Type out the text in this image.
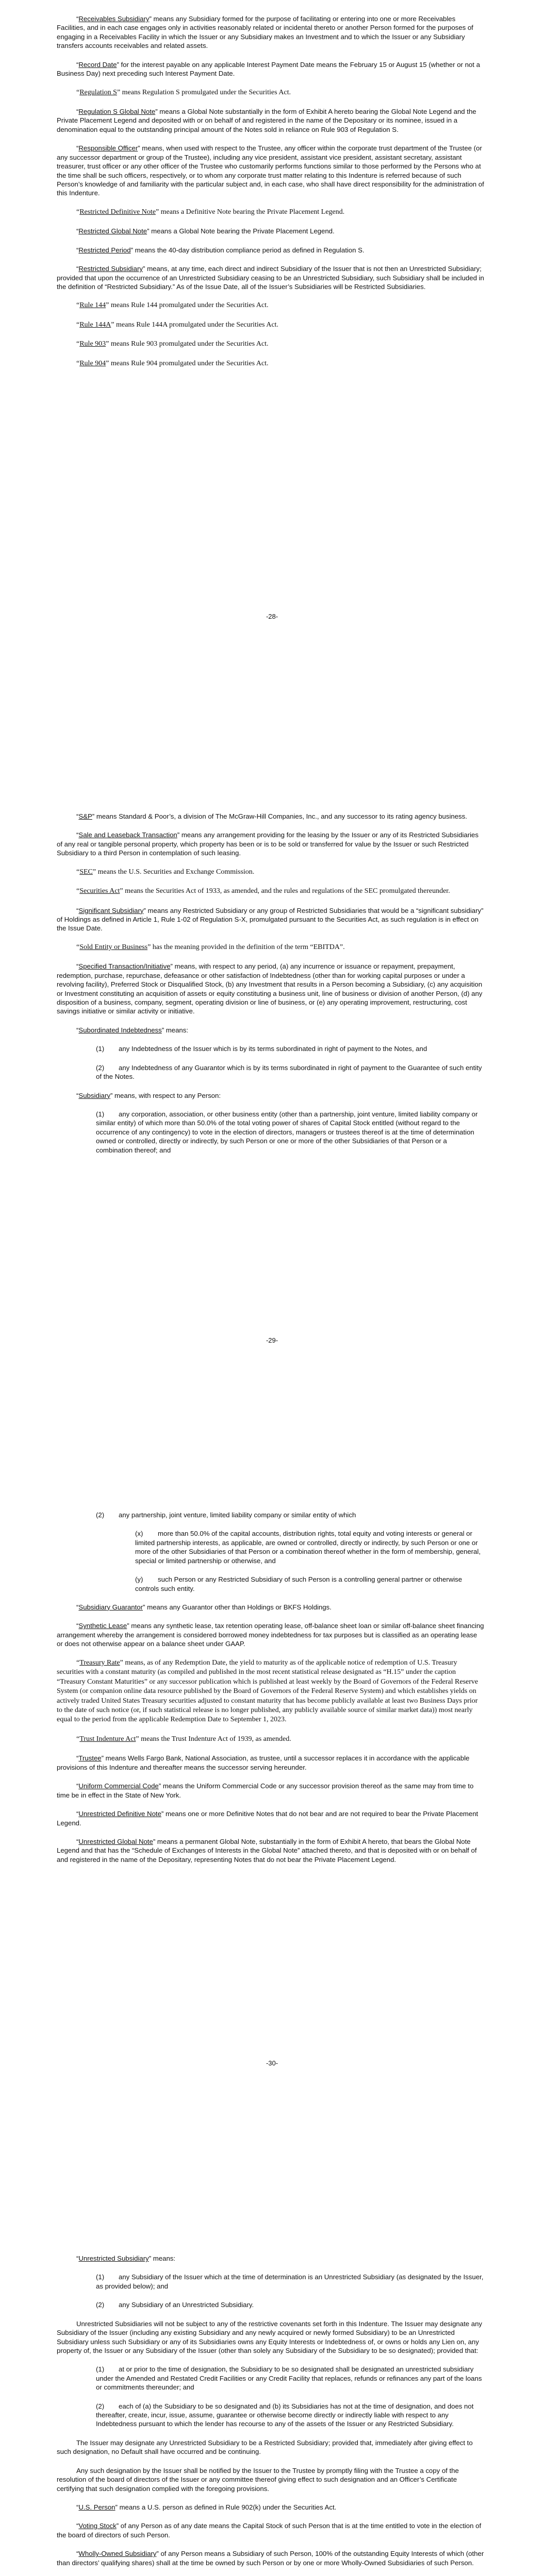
“Receivables Subsidiary” means any Subsidiary formed for the purpose of facilitating or entering into one or more Receivables Facilities, and in each case engages only in activities reasonably related or incidental thereto or another Person formed for the purposes of engaging in a Receivables Facility in which the Issuer or any Subsidiary makes an Investment and to which the Issuer or any Subsidiary transfers accounts receivables and related assets.

“Record Date” for the interest payable on any applicable Interest Payment Date means the February 15 or August 15 (whether or not a Business Day) next preceding such Interest Payment Date.

“Regulation S” means Regulation S promulgated under the Securities Act.

“Regulation S Global Note” means a Global Note substantially in the form of Exhibit A hereto bearing the Global Note Legend and the Private Placement Legend and deposited with or on behalf of and registered in the name of the Depositary or its nominee, issued in a denomination equal to the outstanding principal amount of the Notes sold in reliance on Rule 903 of Regulation S.

“Responsible Officer” means, when used with respect to the Trustee, any officer within the corporate trust department of the Trustee (or any successor department or group of the Trustee), including any vice president, assistant vice president, assistant secretary, assistant treasurer, trust officer or any other officer of the Trustee who customarily performs functions similar to those performed by the Persons who at the time shall be such officers, respectively, or to whom any corporate trust matter relating to this Indenture is referred because of such Person’s knowledge of and familiarity with the particular subject and, in each case, who shall have direct responsibility for the administration of this Indenture.

“Restricted Definitive Note” means a Definitive Note bearing the Private Placement Legend.

“Restricted Global Note” means a Global Note bearing the Private Placement Legend.

“Restricted Period” means the 40-day distribution compliance period as defined in Regulation S.

“Restricted Subsidiary” means, at any time, each direct and indirect Subsidiary of the Issuer that is not then an Unrestricted Subsidiary; provided that upon the occurrence of an Unrestricted Subsidiary ceasing to be an Unrestricted Subsidiary, such Subsidiary shall be included in the definition of “Restricted Subsidiary.” As of the Issue Date, all of the Issuer’s Subsidiaries will be Restricted Subsidiaries.

“Rule 144” means Rule 144 promulgated under the Securities Act.

“Rule 144A” means Rule 144A promulgated under the Securities Act.

“Rule 903” means Rule 903 promulgated under the Securities Act.

“Rule 904” means Rule 904 promulgated under the Securities Act.

-28-

“S&P” means Standard & Poor’s, a division of The McGraw-Hill Companies, Inc., and any successor to its rating agency business.

“Sale and Leaseback Transaction” means any arrangement providing for the leasing by the Issuer or any of its Restricted Subsidiaries of any real or tangible personal property, which property has been or is to be sold or transferred for value by the Issuer or such Restricted Subsidiary to a third Person in contemplation of such leasing.

“SEC” means the U.S. Securities and Exchange Commission.

“Securities Act” means the Securities Act of 1933, as amended, and the rules and regulations of the SEC promulgated thereunder.

“Significant Subsidiary” means any Restricted Subsidiary or any group of Restricted Subsidiaries that would be a “significant subsidiary” of Holdings as defined in Article 1, Rule 1-02 of Regulation S-X, promulgated pursuant to the Securities Act, as such regulation is in effect on the Issue Date.

“Sold Entity or Business” has the meaning provided in the definition of the term “EBITDA”.

“Specified Transaction/Initiative” means, with respect to any period, (a) any incurrence or issuance or repayment, prepayment, redemption, purchase, repurchase, defeasance or other satisfaction of Indebtedness (other than for working capital purposes or under a revolving facility), Preferred Stock or Disqualified Stock, (b) any Investment that results in a Person becoming a Subsidiary, (c) any acquisition or Investment constituting an acquisition of assets or equity constituting a business unit, line of business or division of another Person, (d) any disposition of a business, company, segment, operating division or line of business, or (e) any operating improvement, restructuring, cost savings initiative or similar activity or initiative.

“Subordinated Indebtedness” means:

(1) any Indebtedness of the Issuer which is by its terms subordinated in right of payment to the Notes, and

(2) any Indebtedness of any Guarantor which is by its terms subordinated in right of payment to the Guarantee of such entity of the Notes.

“Subsidiary” means, with respect to any Person:

(1) any corporation, association, or other business entity (other than a partnership, joint venture, limited liability company or similar entity) of which more than 50.0% of the total voting power of shares of Capital Stock entitled (without regard to the occurrence of any contingency) to vote in the election of directors, managers or trustees thereof is at the time of determination owned or controlled, directly or indirectly, by such Person or one or more of the other Subsidiaries of that Person or a combination thereof; and

-29-

(2) any partnership, joint venture, limited liability company or similar entity of which

(x) more than 50.0% of the capital accounts, distribution rights, total equity and voting interests or general or limited partnership interests, as applicable, are owned or controlled, directly or indirectly, by such Person or one or more of the other Subsidiaries of that Person or a combination thereof whether in the form of membership, general, special or limited partnership or otherwise, and

(y) such Person or any Restricted Subsidiary of such Person is a controlling general partner or otherwise controls such entity.

“Subsidiary Guarantor” means any Guarantor other than Holdings or BKFS Holdings.

“Synthetic Lease” means any synthetic lease, tax retention operating lease, off-balance sheet loan or similar off-balance sheet financing arrangement whereby the arrangement is considered borrowed money indebtedness for tax purposes but is classified as an operating lease or does not otherwise appear on a balance sheet under GAAP.

“Treasury Rate” means, as of any Redemption Date, the yield to maturity as of the applicable notice of redemption of U.S. Treasury securities with a constant maturity (as compiled and published in the most recent statistical release designated as “H.15” under the caption “Treasury Constant Maturities” or any successor publication which is published at least weekly by the Board of Governors of the Federal Reserve System (or companion online data resource published by the Board of Governors of the Federal Reserve System) and which establishes yields on actively traded United States Treasury securities adjusted to constant maturity that has become publicly available at least two Business Days prior to the date of such notice (or, if such statistical release is no longer published, any publicly available source of similar market data)) most nearly equal to the period from the applicable Redemption Date to September 1, 2023.

“Trust Indenture Act” means the Trust Indenture Act of 1939, as amended.

“Trustee” means Wells Fargo Bank, National Association, as trustee, until a successor replaces it in accordance with the applicable provisions of this Indenture and thereafter means the successor serving hereunder.

“Uniform Commercial Code” means the Uniform Commercial Code or any successor provision thereof as the same may from time to time be in effect in the State of New York.

“Unrestricted Definitive Note” means one or more Definitive Notes that do not bear and are not required to bear the Private Placement Legend.

“Unrestricted Global Note” means a permanent Global Note, substantially in the form of Exhibit A hereto, that bears the Global Note Legend and that has the “Schedule of Exchanges of Interests in the Global Note” attached thereto, and that is deposited with or on behalf of and registered in the name of the Depositary, representing Notes that do not bear the Private Placement Legend.

-30-

“Unrestricted Subsidiary” means:

(1) any Subsidiary of the Issuer which at the time of determination is an Unrestricted Subsidiary (as designated by the Issuer, as provided below); and

(2) any Subsidiary of an Unrestricted Subsidiary.

Unrestricted Subsidiaries will not be subject to any of the restrictive covenants set forth in this Indenture. The Issuer may designate any Subsidiary of the Issuer (including any existing Subsidiary and any newly acquired or newly formed Subsidiary) to be an Unrestricted Subsidiary unless such Subsidiary or any of its Subsidiaries owns any Equity Interests or Indebtedness of, or owns or holds any Lien on, any property of, the Issuer or any Subsidiary of the Issuer (other than solely any Subsidiary of the Subsidiary to be so designated); provided that:

(1) at or prior to the time of designation, the Subsidiary to be so designated shall be designated an unrestricted subsidiary under the Amended and Restated Credit Facilities or any Credit Facility that replaces, refunds or refinances any part of the loans or commitments thereunder; and

(2) each of (a) the Subsidiary to be so designated and (b) its Subsidiaries has not at the time of designation, and does not thereafter, create, incur, issue, assume, guarantee or otherwise become directly or indirectly liable with respect to any Indebtedness pursuant to which the lender has recourse to any of the assets of the Issuer or any Restricted Subsidiary.

The Issuer may designate any Unrestricted Subsidiary to be a Restricted Subsidiary; provided that, immediately after giving effect to such designation, no Default shall have occurred and be continuing.

Any such designation by the Issuer shall be notified by the Issuer to the Trustee by promptly filing with the Trustee a copy of the resolution of the board of directors of the Issuer or any committee thereof giving effect to such designation and an Officer’s Certificate certifying that such designation complied with the foregoing provisions.

“U.S. Person” means a U.S. person as defined in Rule 902(k) under the Securities Act.

“Voting Stock” of any Person as of any date means the Capital Stock of such Person that is at the time entitled to vote in the election of the board of directors of such Person.

“Wholly-Owned Subsidiary” of any Person means a Subsidiary of such Person, 100% of the outstanding Equity Interests of which (other than directors’ qualifying shares) shall at the time be owned by such Person or by one or more Wholly-Owned Subsidiaries of such Person.
